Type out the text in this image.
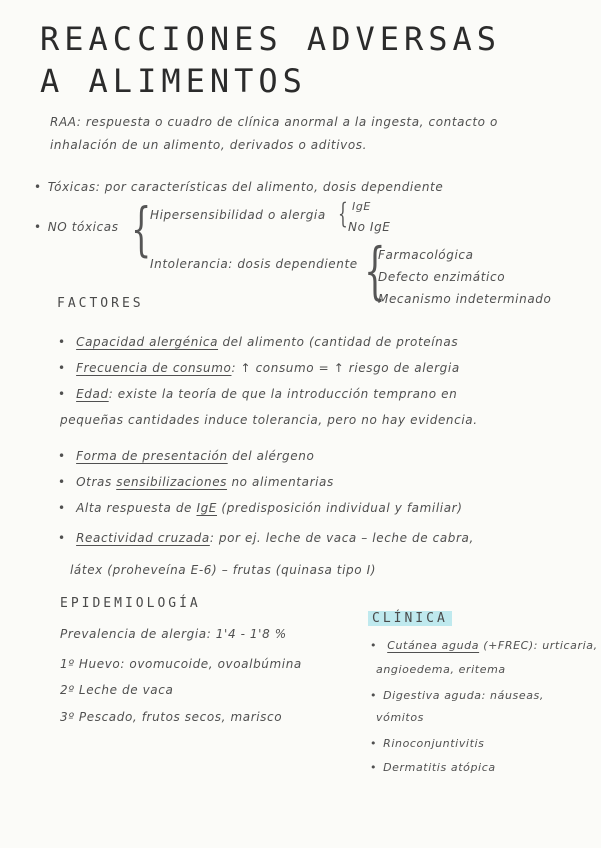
REACCIONES ADVERSAS
A ALIMENTOS
RAA: respuesta o cuadro de clínica anormal a la ingesta, contacto o
inhalación de un alimento, derivados o aditivos.
• Tóxicas: por características del alimento, dosis dependiente
• NO tóxicas {
Hipersensibilidad o alergia { IgE
No IgE
Intolerancia: dosis dependiente {
Farmacológica
Defecto enzimático
Mecanismo indeterminado
FACTORES
• Capacidad alergénica del alimento (cantidad de proteínas
• Frecuencia de consumo: ↑ consumo = ↑ riesgo de alergia
• Edad: existe la teoría de que la introducción temprano en
pequeñas cantidades induce tolerancia, pero no hay evidencia.
• Forma de presentación del alérgeno
• Otras sensibilizaciones no alimentarias
• Alta respuesta de IgE (predisposición individual y familiar)
• Reactividad cruzada: por ej. leche de vaca – leche de cabra,
látex (proheveína E-6) – frutas (quinasa tipo I)
EPIDEMIOLOGÍA
Prevalencia de alergia: 1'4 - 1'8 %
1º Huevo: ovomucoide, ovoalbúmina
2º Leche de vaca
3º Pescado, frutos secos, marisco
CLÍNICA
• Cutánea aguda (+FREC): urticaria,
angioedema, eritema
• Digestiva aguda: náuseas,
vómitos
• Rinoconjuntivitis
• Dermatitis atópica
